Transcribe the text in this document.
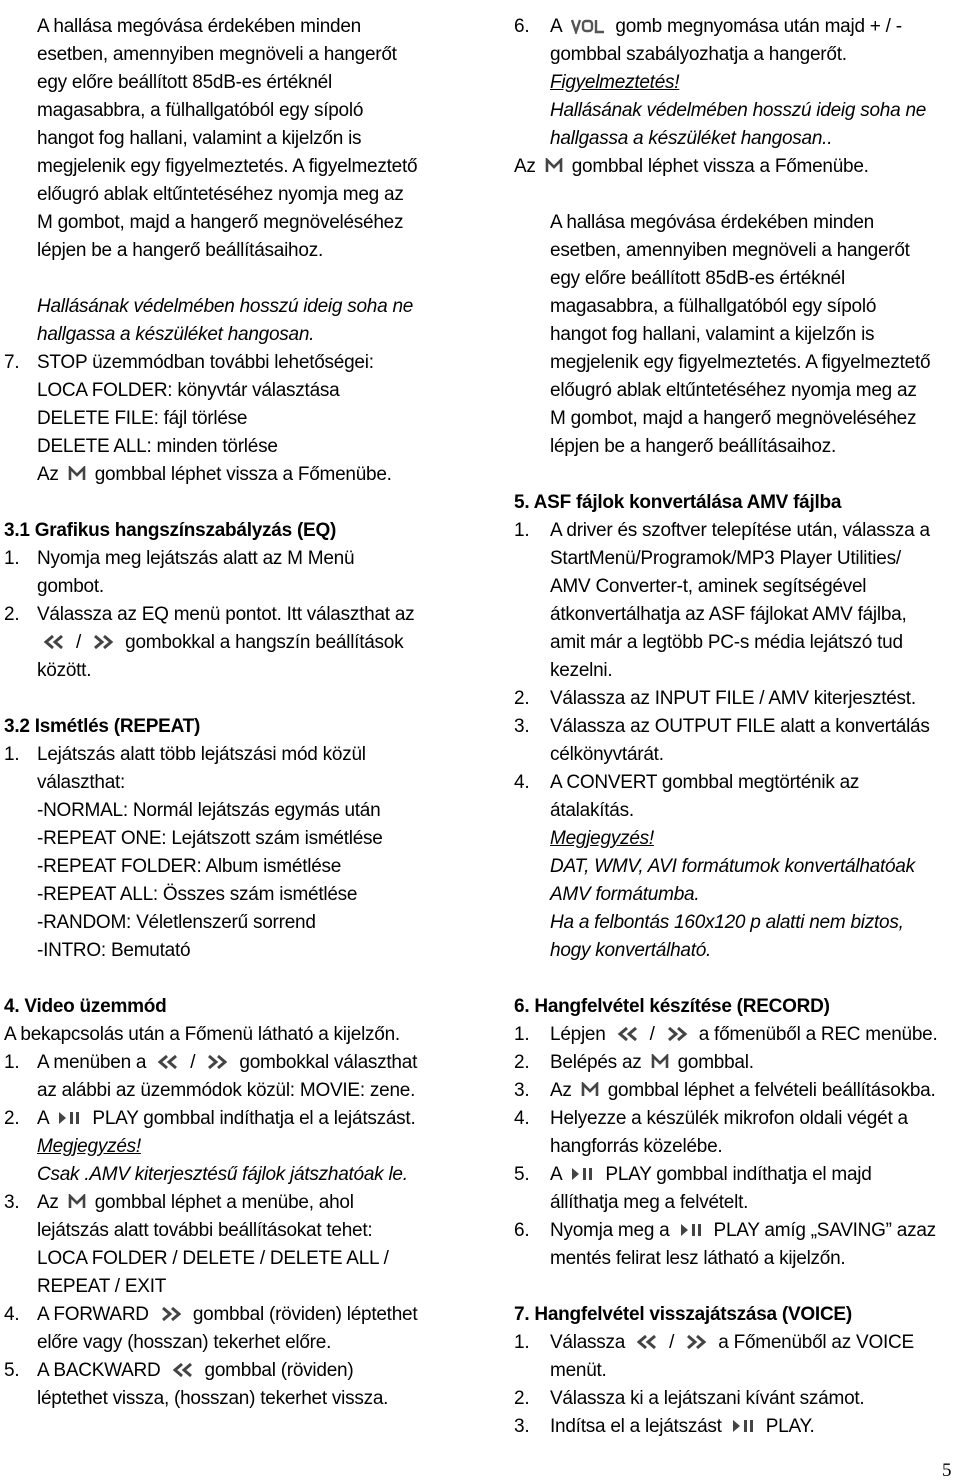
A hallása megóvása érdekében minden
esetben, amennyiben megnöveli a hangerőt
egy előre beállított 85dB-es értéknél
magasabbra, a fülhallgatóból egy sípoló
hangot fog hallani, valamint a kijelzőn is
megjelenik egy figyelmeztetés. A figyelmeztető
előugró ablak eltűntetéséhez nyomja meg az
M gombot, majd a hangerő megnöveléséhez
lépjen be a hangerő beállításaihoz.
Hallásának védelmében hosszú ideig soha ne
hallgassa a készüléket hangosan.
7. STOP üzemmódban további lehetőségei:
LOCA FOLDER: könyvtár választása
DELETE FILE: fájl törlése
DELETE ALL: minden törlése
Az
gombbal léphet vissza a Főmenübe.
3.1 Grafikus hangszínszabályzás (EQ)
1. Nyomja meg lejátszás alatt az M Menü
gombot.
2. Válassza az EQ menü pontot. Itt választhat az
/
gombokkal a hangszín beállítások
között.
3.2 Ismétlés (REPEAT)
1. Lejátszás alatt több lejátszási mód közül
választhat:
-NORMAL: Normál lejátszás egymás után
-REPEAT ONE: Lejátszott szám ismétlése
-REPEAT FOLDER: Album ismétlése
-REPEAT ALL: Összes szám ismétlése
-RANDOM: Véletlenszerű sorrend
-INTRO: Bemutató
4. Video üzemmód
A bekapcsolás után a Főmenü látható a kijelzőn.
1. A menüben a
/
gombokkal választhat
az alábbi az üzemmódok közül: MOVIE: zene.
2. A
PLAY gombbal indíthatja el a lejátszást.
Megjegyzés!
Csak .AMV kiterjesztésű fájlok játszhatóak le.
3. Az
gombbal léphet a menübe, ahol
lejátszás alatt további beállításokat tehet:
LOCA FOLDER / DELETE / DELETE ALL /
REPEAT / EXIT
4. A FORWARD
gombbal (röviden) léptethet
előre vagy (hosszan) tekerhet előre.
5. A BACKWARD
gombbal (röviden)
léptethet vissza, (hosszan) tekerhet vissza.
6. A
gomb megnyomása után majd + / -
gombbal szabályozhatja a hangerőt.
Figyelmeztetés!
Hallásának védelmében hosszú ideig soha ne
hallgassa a készüléket hangosan..
Az
gombbal léphet vissza a Főmenübe.
A hallása megóvása érdekében minden
esetben, amennyiben megnöveli a hangerőt
egy előre beállított 85dB-es értéknél
magasabbra, a fülhallgatóból egy sípoló
hangot fog hallani, valamint a kijelzőn is
megjelenik egy figyelmeztetés. A figyelmeztető
előugró ablak eltűntetéséhez nyomja meg az
M gombot, majd a hangerő megnöveléséhez
lépjen be a hangerő beállításaihoz.
5. ASF fájlok konvertálása AMV fájlba
1. A driver és szoftver telepítése után, válassza a
StartMenü/Programok/MP3 Player Utilities/
AMV Converter-t, aminek segítségével
átkonvertálhatja az ASF fájlokat AMV fájlba,
amit már a legtöbb PC-s média lejátszó tud
kezelni.
2. Válassza az INPUT FILE / AMV kiterjesztést.
3. Válassza az OUTPUT FILE alatt a konvertálás
célkönyvtárát.
4. A CONVERT gombbal megtörténik az
átalakítás.
Megjegyzés!
DAT, WMV, AVI formátumok konvertálhatóak
AMV formátumba.
Ha a felbontás 160x120 p alatti nem biztos,
hogy konvertálható.
6. Hangfelvétel készítése (RECORD)
1. Lépjen
/
a főmenüből a REC menübe.
2. Belépés az
gombbal.
3. Az
gombbal léphet a felvételi beállításokba.
4. Helyezze a készülék mikrofon oldali végét a
hangforrás közelébe.
5. A
PLAY gombbal indíthatja el majd
állíthatja meg a felvételt.
6. Nyomja meg a
PLAY amíg „SAVING” azaz
mentés felirat lesz látható a kijelzőn.
7. Hangfelvétel visszajátszása (VOICE)
1. Válassza
/
a Főmenüből az VOICE
menüt.
2. Válassza ki a lejátszani kívánt számot.
3. Indítsa el a lejátszást
PLAY.
5
